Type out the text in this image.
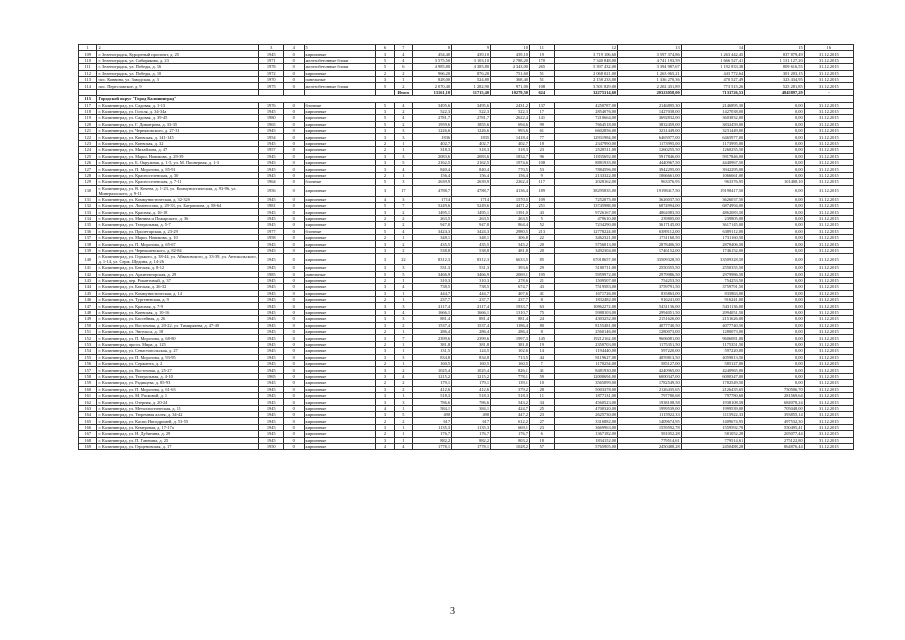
1	2	3	4	5	6	7	8	9	10	11	12	13	14	15	16
109	г. Зеленоградск, Курортный проспект, д. 25	1945	0	кирпичные	3	4	454,40	439,10	439,10	19	3 719 106,60	3 597 374,86	1 263 442,45	837 879,49	31.12.2015
110	г. Зеленоградск, ул. Сибирякова, д. 23	1971	0	железобетонные блоки	5	4	3 575,50	3 103,10	2 788,20	170	7 340 848,00	4 741 193,59	1 666 527,41	1 131 127,20	31.12.2015
111	г. Зеленоградск, ул. Победы, д. 16	1978	0	железобетонные блоки	5	6	4 985,80	4 385,80	4 343,00	265	5 397 432,00	3 394 987,67	1 192 833,38	809 616,55	31.12.2015
112	г. Зеленоградск, ул. Победы, д. 10	1972	0	кирпичные	2	2	966,20	876,20	751,60	51	2 068 021,00	1 263 065,21	443 772,64	301 203,15	31.12.2015
113	пос. Коввина, ул. Заводская, д. 3	1970	0	панельные	3	1	828,00	524,80	368,40	51	2 158 233,00	1 336 270,36	470 527,49	323 434,95	31.12.2015
114	пос. Переславское, д. 9	1975	0	железобетонные блоки	5	2	2 070,40	1 282,90	971,00	108	3 501 829,00	2 202 431,89	773 515,26	525 281,85	31.12.2015
						Итого	13161,10	11715,40	10279,50	624	32275314,60	20323058,00	7133726,53	4845897,29	-
115	Городской округ "Город Калининград"														
117	г. Калининград, ул. Садовая, д. 1-13	1976	0	блочные	5	4	3495,6	3495,6	2431,2	137	4250787,00	2146895,30	2146895,30	0,00	31.12.2015
118	г. Калининград, ул. Гоголя, д. 34-34а	1945	0	кирпичные	3	2	522,3	522,3	522,3	17	2854076,00	1427038,00	1427038,00	0,00	31.12.2015
119	г. Калининград, ул. Садовая, д. 39-45	1980	0	кирпичные	5	4	2781,7	2781,7	2622,4	141	7210664,00	3692832,00	3603832,00	0,00	31.12.2015
120	г. Калининград, ул. Г. Димитрова, д. 33-35	1965	0	кирпичные	5	2	1959,6	1855,6	694,6	99	7664518,00	3832459,00	3832459,00	0,00	31.12.2015
121	г. Калининград, ул. Черняховского, д. 27-31	1945	0	кирпичные	3	3	1226,6	1226,6	993,6	61	6602856,00	3231449,00	3231449,00	0,00	31.12.2015
122	г. Калининград, ул. Киевская, д. 141-145	1954	0	кирпичные	3	3	1836	1835	1418,4	77	12931984,00	6465977,00	6465977,00	0,00	31.12.2015
123	г. Калининград, ул. Киевская, д. 32	1945	0	кирпичные	2	1	402,7	402,7	402,7	18	2347990,00	1173995,00	1173995,00	0,00	31.12.2015
124	г. Калининград, ул. Михайлова, д. 47	1957	0	кирпичные	2	1	318,3	318,3	318,3	23	2520511,00	1260255,50	1260255,50	0,00	31.12.2015
125	г. Калининград, ул. Марш. Новикова, д. 29-39	1945	0	кирпичные	3	3	2083,6	2083,6	1834,7	96	11835692,00	5917846,00	5917846,00	0,00	31.12.2015
126	г. Калининград, ул. Б. Окружная, д. 1-5, ул. М. Пионерная, д. 1-3	1945	0	кирпичные	3	5	2162,5	2162,5	1974,6	108	8881935,00	4440967,50	4440967,50	0,00	31.12.2015
127	г. Калининград, ул. П. Морозова, д. 85-91	1945	0	кирпичные	3	4	840,4	840,4	770,5	53	7884596,00	3942295,00	3942295,00	0,00	31.12.2015
128	г. Калининград, ул. Красноселенская, д. 30	1945	0	кирпичные	2	1	156,4	156,4	156,4	9	2133322,00	1066661,00	1066661,00	0,00	31.12.2015
129	г. Калининград, ул. Красноселенская, д. 7-11	1964	0	блочные	5	3	2639,9	2639,9	2262,4	117	2028162,00	963376,95	963376,95	101408,10	31.12.2015
130	г. Калининград, ул. В. Кочева, д. 1-23, ул. Коммунистическая, д. 93-96, ул. Минеральского, д. 9-11	1956	0	кирпичные	3	17	4788,7	4788,7	4136,4	189	38295835,00	19198417,50	19198417,50	0,00	31.12.2015
131	г. Калининград, ул. Коммунистическая, д. 32-32б	1945	0	кирпичные	4	3	1714	1714	1570,5	109	7252075,00	3626037,50	3626037,50	0,00	31.12.2015
132	г. Калининград, ул. Ломоносова, д. 29-33, ул. Багратиона, д. 58-64	1981	0	кирпичные	5	7	5249,6	5249,6	4471,2	251	13745988,00	6874994,00	6874994,00	0,00	31.12.2015
133	г. Калининград, ул. Красная, д. 16-18	1945	0	кирпичные	3	2	1495,1	1495,1	1391,0	43	9726167,00	4862083,50	4862083,50	0,00	31.12.2015
134	г. Калининград, ул. Минина и Пожарского, д. 36	1945	0	кирпичные	2	2	263,5	263,5	263,5	5	479610,00	239805,00	239805,00	0,00	31.12.2015
135	г. Калининград, ул. Театральная, д. 5-7	1945	0	кирпичные	3	2	947,8	947,8	864,4	52	7234290,00	3617145,00	3617145,00	0,00	31.12.2015
136	г. Калининград, ул. Пролетарская, д. 23-29	1977	0	блочные	5	4	3424,3	3424,3	2980,5	213	12778224,00	6389112,00	6389112,00	0,00	31.12.2015
137	г. Калининград, ул. Марш. Новикова, д. 10	1958	0	кирпичные	2	1	348,1	348,1	306,8	22	3462321,00	1731160,50	1731160,50	0,00	31.12.2015
138	г. Калининград, ул. П. Морозова, д. 65-67	1945	0	кирпичные	3	2	435,5	435,5	345,2	20	5756813,00	2878406,50	2878406,50	0,00	31.12.2015
139	г. Калининград, ул. Чернышевского, д. 82-84	1945	0	кирпичные	3	2	538,8	538,8	481,8	20	3492304,00	1746152,00	1746152,00	0,00	31.12.2015
140	г. Калининград, ул. Горького, д. 38-44, ул. Айвазовского, д. 33-39, ул. Антокольского, д. 1-14, ул. Серж. Щедина, д. 14-26	1945	0	кирпичные	3	22	8312,3	8312,3	6633,5	85	67018657,00	33509328,50	33509328,50	0,00	31.12.2015
141	г. Калининград, ул. Батская, д. 8-12	1945	0	кирпичные	3	3	531,3	531,3	393,6	29	5100711,00	2550355,50	2550355,50	0,00	31.12.2015
142	г. Калининград, ул. Архитекторская, д. 29	1985	0	панельные	5	5	3466,9	3466,9	2069,1	195	5959972,00	2979986,50	2979986,50	0,00	31.12.2015
143	г. Калининград, пер. Рокантовый, д. 37	1945	0	кирпичные	2	1	310,3	310,3	278,6	21	1509507,00	754253,50	754253,50	0,00	31.12.2015
144	г. Калининград, ул. Батская, д. 26-32	1945	0	кирпичные	3	4	738,5	738,5	674,7	43	7519583,00	3759791,50	3759791,50	0,00	31.12.2015
145	г. Калининград, ул. Коммунистическая, д. 14	1945	0	кирпичные	3	1	444,7	444,7	407,6	41	1671726,00	835863,00	835863,00	0,00	31.12.2015
146	г. Калининград, ул. Тургеневская, д. 9	1945	0	кирпичные	2	1	237,7	237,7	237,7	8	1832482,00	916241,00	916241,00	0,00	31.12.2015
147	г. Калининград, ул. Красная, д. 7-9	1945	0	кирпичные	3	3	2117,4	2117,4	1933,7	63	10862272,00	5431136,00	5431136,00	0,00	31.12.2015
148	г. Калининград, ул. Киевская, д. 10-16	1945	0	кирпичные	3	4	1666,1	1666,1	1310,7	75	5988103,00	2994051,50	2994051,50	0,00	31.12.2015
149	г. Калининград, ул. Бассейная, д. 26	1945	0	кирпичные	3	3	881,4	881,4	881,4	24	4303252,00	2151626,00	2151626,00	0,00	31.12.2015
150	г. Калининград, ул. Восточная, д. 20-22, ул. Тимирязева, д. 47-49	1945	0	кирпичные	3	2	1537,4	1537,4	1186,4	80	8155481,00	4077740,50	4077740,50	0,00	31.12.2015
151	г. Калининград, ул. Энгельса, д. 18	1945	0	кирпичные	2	1	286,4	286,4	286,4	8	2560146,00	1280073,00	1280073,00	0,00	31.12.2015
152	г. Калининград, ул. П. Морозова, д. 68-80	1945	0	кирпичные	3	7	2399,6	2399,6	1997,3	145	19212162,00	9606081,00	9606081,00	0,00	31.12.2015
153	г. Калининград, просп. Мира, д. 125	1945	0	кирпичные	2	1	381,8	381,8	381,8	19	2350703,00	1175351,50	1175351,50	0,00	31.12.2015
154	г. Калининград, ул. Севастопольская, д. 27	1945	0	кирпичные	3	1	131,5	124,5	102,6	14	1194440,00	597220,00	597220,00	0,00	31.12.2015
155	г. Калининград, ул. П. Морозова, д. 93-95	1945	0	кирпичные	3	3	834,8	834,8	713,5	44	8119627,00	4059813,50	4059813,50	0,00	31.12.2015
156	г. Калининград, ул. Сержанта, д. 2	1945	0	кирпичные	2	1	160,5	160,5	160,5	7	1170254,00	585127,00	585127,00	0,00	31.12.2015
157	г. Калининград, ул. Восточная, д. 25-27	1945	0	кирпичные	3	2	1025,4	1025,4	826,1	41	8481930,00	4240965,00	4240965,00	0,00	31.12.2015
158	г. Калининград, ул. Театральная, д. 4-10	1965	0	кирпичные	3	4	1215,2	1215,2	778,1	59	12000694,00	6000347,00	6000347,00	0,00	31.12.2015
159	г. Калининград, ул. Радищева, д. 85-93	1945	0	кирпичные	2	2	179,1	179,1	139,1	10	3565099,00	1782549,50	1782549,50	0,00	31.12.2015
160	г. Калининград, ул. П. Морозова, д. 61-63	1945	0	кирпичные	3	2	412,6	412,6	379,2	28	5003378,00	2126435,65	2126435,65	750506,70	31.12.2015
161	г. Калининград, ул. М. Расковой, д. 1	1945	0	кирпичные	3	1	518,3	518,3	518,3	11	1877131,00	797780,68	797780,68	281569,64	31.12.2015
162	г. Калининград, ул. Озерная, д. 20-24	1945	0	кирпичные	3	3	786,6	786,6	543,2	34	4560523,00	1938108,58	1938108,58	684078,24	31.12.2015
163	г. Калининград, ул. Металлистическая, д. 11	1945	0	кирпичные	4	1	584,1	384,1	424,7	25	4700320,00	1999539,00	1999539,00	705048,00	31.12.2015
164	г. Калининград, ул. Тюремная аллея, д. 34-42	1945	0	кирпичные	3	5	490	490	447,2	23	2625730,00	1115922,33	1115922,33	393855,14	31.12.2015
165	г. Калининград, ул. Каспи Ипподромей, д. 53-55	1945	0	кирпичные	2	2	617	617	612,2	27	3316882,00	1409674,95	1409674,95	497532,30	31.12.2015
166	г. Калининград, ул. Кемеровая, д. 17-17а	1945	0	кирпичные	3	1	1135,3	1135,3	669,1	23	3669963,00	1559592,78	1559592,78	550495,41	31.12.2015
167	г. Калининград, ул. Н. Дубинина, д. 29	1945	0	кирпичные	2	1	176,7	176,7	176,7	6	1367182,00	581052,28	581052,28	205077,44	31.12.2015
168	г. Калининград, ул. П. Гаюнина, д. 25	1945	0	кирпичные	3	1	882,2	882,2	803,2	18	1834152,00	779514,61	779514,61	275122,80	31.12.2015
169	г. Калининград, ул. Герценовская, д. 17	1950	0	кирпичные	4	4	1778,1	1778,1	1028,2	57	5765905,00	2450488,28	2450488,28	864876,44	31.12.2015
3
